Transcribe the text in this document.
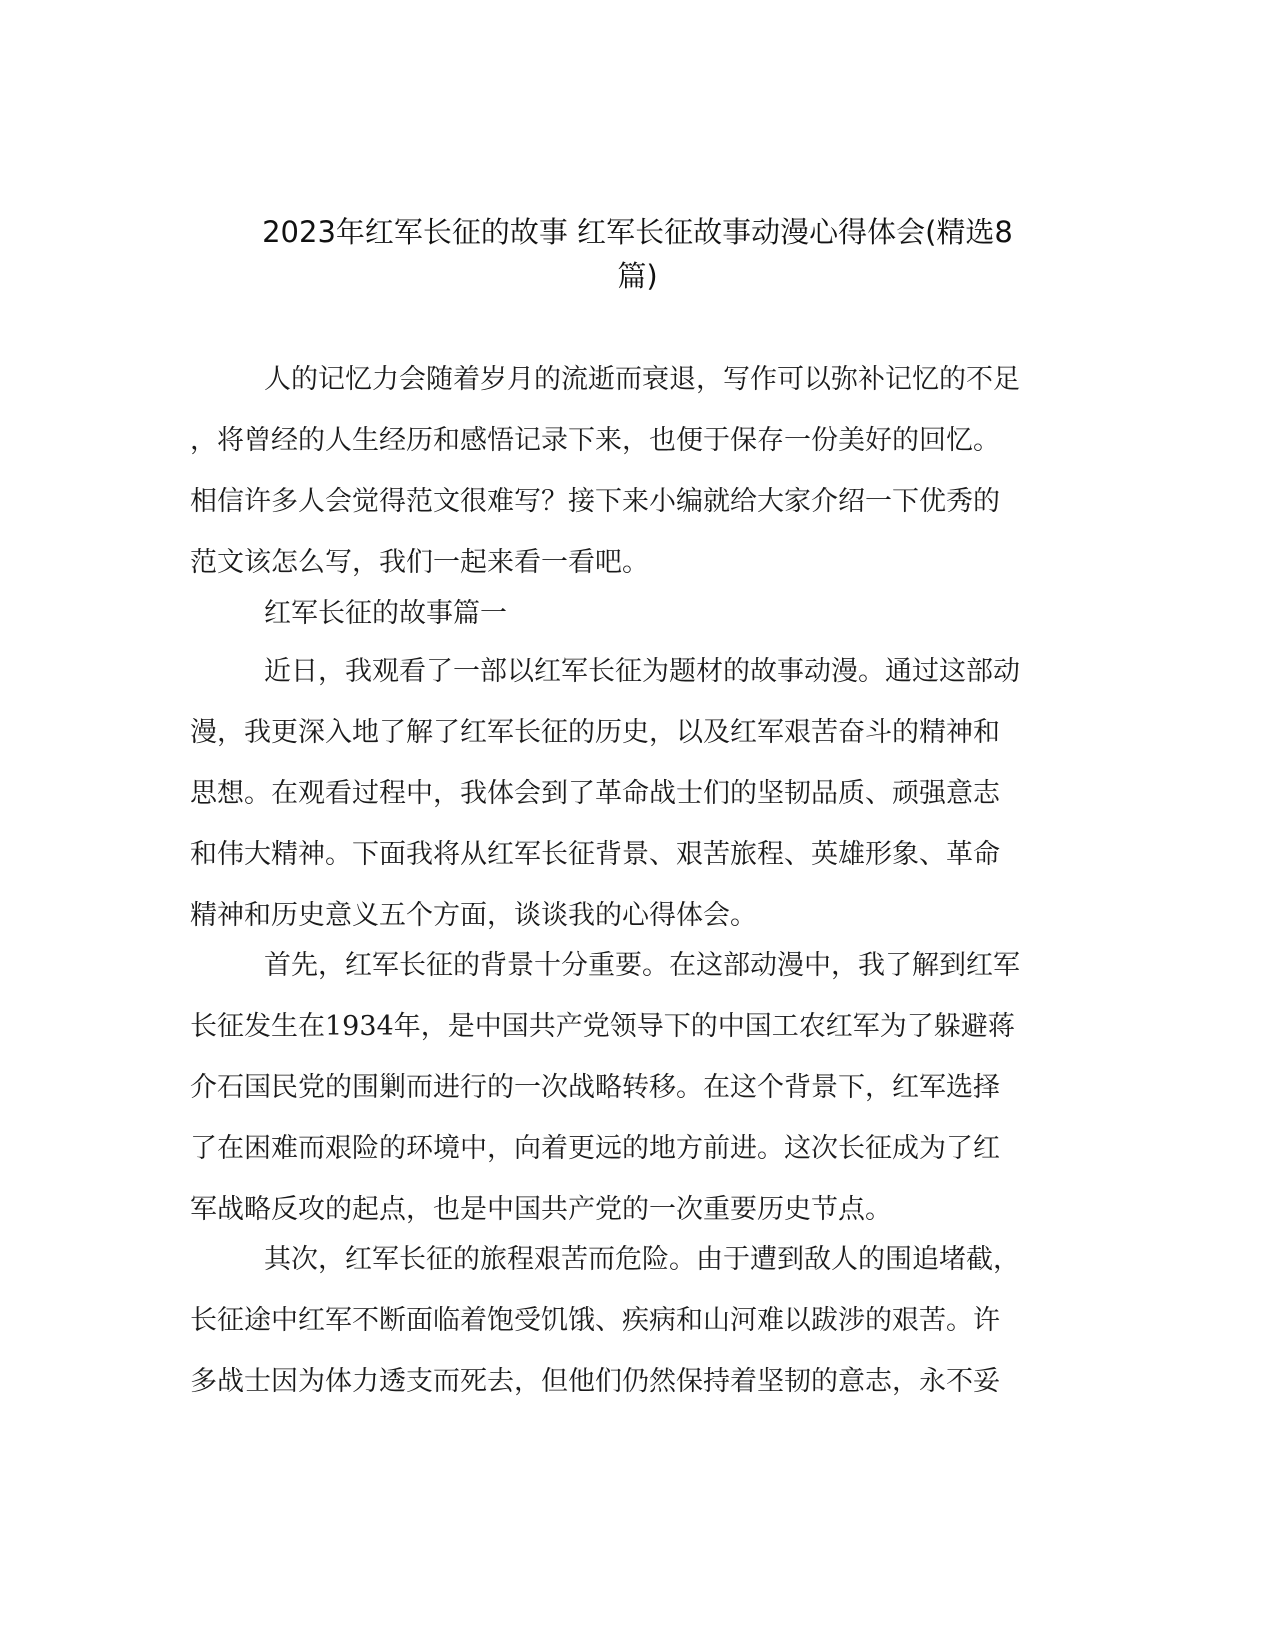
2023年红军长征的故事 红军长征故事动漫心得体会(精选8
篇)
人的记忆力会随着岁月的流逝而衰退，写作可以弥补记忆的不足
，将曾经的人生经历和感悟记录下来，也便于保存一份美好的回忆。
相信许多人会觉得范文很难写？接下来小编就给大家介绍一下优秀的
范文该怎么写，我们一起来看一看吧。
红军长征的故事篇一
近日，我观看了一部以红军长征为题材的故事动漫。通过这部动
漫，我更深入地了解了红军长征的历史，以及红军艰苦奋斗的精神和
思想。在观看过程中，我体会到了革命战士们的坚韧品质、顽强意志
和伟大精神。下面我将从红军长征背景、艰苦旅程、英雄形象、革命
精神和历史意义五个方面，谈谈我的心得体会。
首先，红军长征的背景十分重要。在这部动漫中，我了解到红军
长征发生在1934年，是中国共产党领导下的中国工农红军为了躲避蒋
介石国民党的围剿而进行的一次战略转移。在这个背景下，红军选择
了在困难而艰险的环境中，向着更远的地方前进。这次长征成为了红
军战略反攻的起点，也是中国共产党的一次重要历史节点。
其次，红军长征的旅程艰苦而危险。由于遭到敌人的围追堵截，
长征途中红军不断面临着饱受饥饿、疾病和山河难以跋涉的艰苦。许
多战士因为体力透支而死去，但他们仍然保持着坚韧的意志，永不妥
